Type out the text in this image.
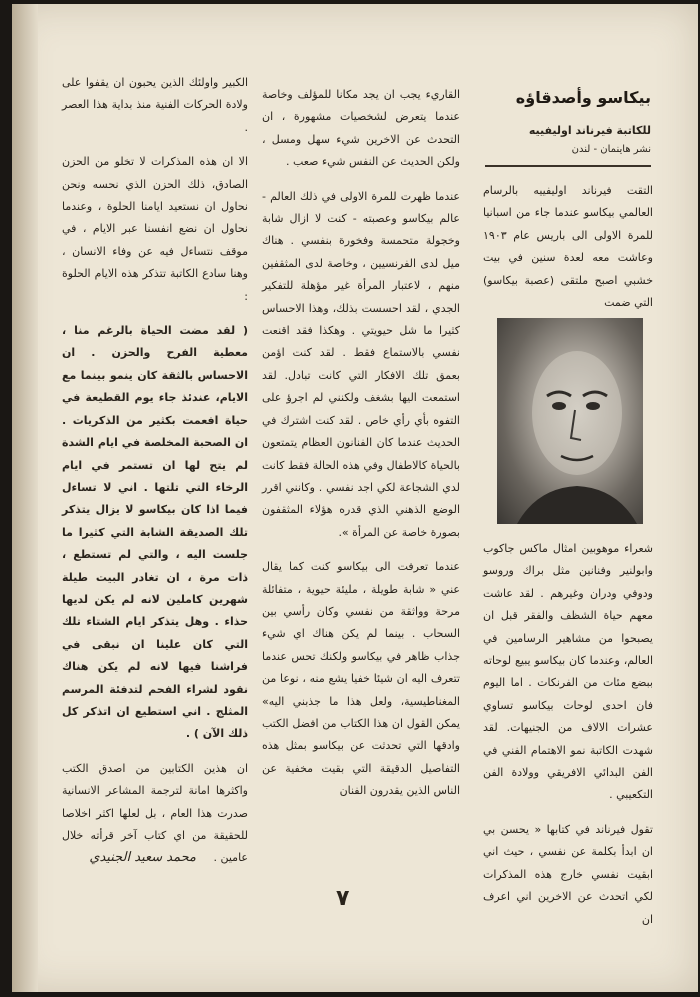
بيكاسو وأصدقاؤه
للكاتبة فيرناند اوليفييه
نشر هاينمان - لندن

التقت فيرناند اوليفييه بالرسام العالمي بيكاسو عندما جاء من اسبانيا للمرة الاولى الى باريس عام ١٩٠٣ وعاشت معه لعدة سنين في بيت خشبي اصبح ملتقى (عصبة بيكاسو) التي ضمت

شعراء موهوبين امثال ماكس جاكوب وابولنير وفنانين مثل براك وروسو ودوفي ودران وغيرهم . لقد عاشت معهم حياة الشظف والفقر قبل ان يصبحوا من مشاهير الرسامين في العالم، وعندما كان بيكاسو يبيع لوحاته ببضع مئات من الفرنكات . اما اليوم فان احدى لوحات بيكاسو تساوي عشرات الالاف من الجنيهات. لقد شهدت الكاتبة نمو الاهتمام الفني في الفن البدائي الافريقي وولادة الفن التكعيبي .

تقول فيرناند في كتابها « يحسن بي ان ابدأ بكلمة عن نفسي ، حيث اني ابقيت نفسي خارج هذه المذكرات لكي اتحدث عن الاخرين اني اعرف ان

القاريء يجب ان يجد مكانا للمؤلف وخاصة عندما يتعرض لشخصيات مشهورة ، ان التحدث عن الاخرين شيء سهل ومسل ، ولكن الحديث عن النفس شيء صعب .

عندما ظهرت للمرة الاولى في ذلك العالم - عالم بيكاسو وعصبته - كنت لا ازال شابة وخجولة متحمسة وفخورة بنفسي . هناك ميل لدى الفرنسيين ، وخاصة لدى المثقفين منهم ، لاعتبار المرأة غير مؤهلة للتفكير الجدي ، لقد احسست بذلك، وهذا الاحساس كثيرا ما شل حيويتي . وهكذا فقد اقنعت نفسي بالاستماع فقط . لقد كنت اؤمن بعمق تلك الافكار التي كانت تبادل. لقد استمعت اليها بشغف ولكنني لم اجرؤ على التفوه بأي رأي خاص . لقد كنت اشترك في الحديث عندما كان الفنانون العظام يتمتعون بالحياة كالاطفال وفي هذه الحالة فقط كانت لدي الشجاعة لكي اجد نفسي . وكانني اقرر الوضع الذهني الذي قدره هؤلاء المثقفون بصورة خاصة عن المرأة ».

عندما تعرفت الى بيكاسو كنت كما يقال عني « شابة طويلة ، مليئة حيوية ، متفائلة مرحة وواثقة من نفسي وكان رأسي بين السحاب . بينما لم يكن هناك اي شيء جذاب ظاهر في بيكاسو ولكنك تحس عندما تتعرف اليه ان شيئا خفيا يشع منه ، نوعا من المغناطيسية، ولعل هذا ما جذبني اليه» يمكن القول ان هذا الكتاب من افضل الكتب وادقها التي تحدثت عن بيكاسو بمثل هذه التفاصيل الدقيقة التي بقيت مخفية عن الناس الذين يقدرون الفنان

الكبير واولئك الذين يحبون ان يقفوا على ولادة الحركات الفنية منذ بداية هذا العصر .

الا ان هذه المذكرات لا تخلو من الحزن الصادق، ذلك الحزن الذي نحسه ونحن نحاول ان نستعيد ايامنا الحلوة ، وعندما نحاول ان نضع انفسنا عبر الايام ، في موقف نتساءل فيه عن وفاء الانسان ، وهنا سادع الكاتبة تتذكر هذه الايام الحلوة :

( لقد مضت الحياة بالرغم منا ، معطية الفرح والحزن . ان الاحساس بالثقة كان ينمو بينما مع الايام، عندئذ جاء يوم القطيعة في حياة افعمت بكثير من الذكريات . ان الصحبة المخلصة في ايام الشدة لم يتح لها ان تستمر في ايام الرخاء التي تلتها . اني لا تساءل فيما اذا كان بيكاسو لا يزال يتذكر تلك الصديقة الشابة التي كثيرا ما جلست اليه ، والتي لم تستطع ، ذات مرة ، ان تغادر البيت طيلة شهرين كاملين لانه لم يكن لديها حذاء . وهل يتذكر ايام الشتاء تلك التي كان علينا ان نبقى في فراشنا فيها لانه لم يكن هناك نقود لشراء الفحم لتدفئة المرسم المثلج . اني استطيع ان اتذكر كل ذلك الآن ) .

ان هذين الكتابين من اصدق الكتب واكثرها امانة لترجمة المشاعر الانسانية صدرت هذا العام ، بل لعلها اكثر اخلاصا للحقيقة من اي كتاب آخر قرأته خلال عامين .

محمد سعيد الجنيدي
٧
